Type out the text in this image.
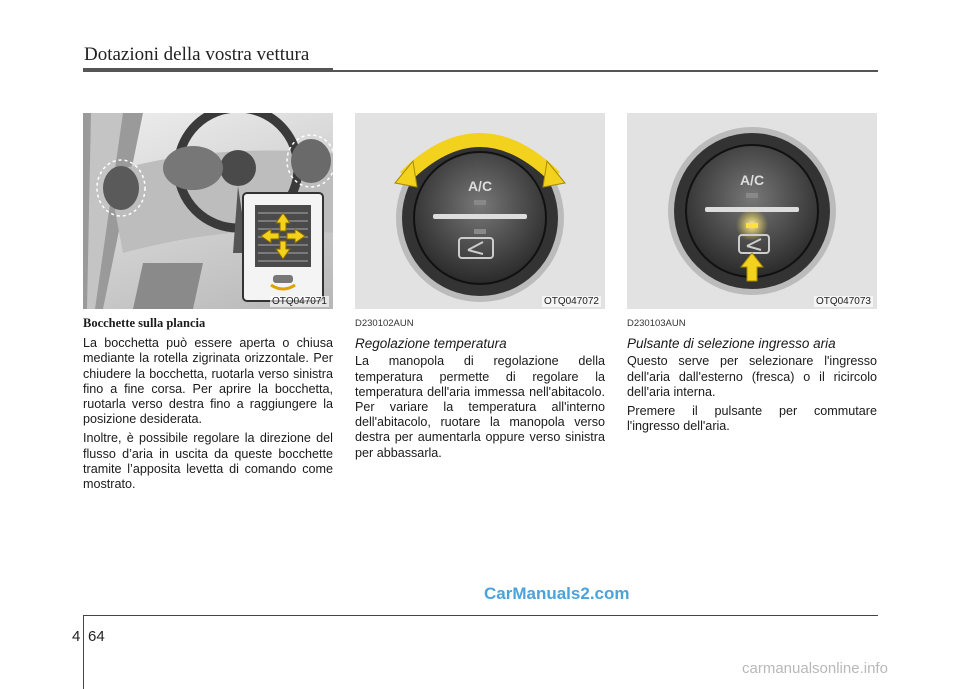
Dotazioni della vostra vettura
OTQ047071
A/C
OTQ047072
A/C
OTQ047073
Bocchette sulla plancia

La bocchetta può essere aperta o chiusa mediante la rotella zigrinata orizzontale. Per chiudere la bocchetta, ruotarla verso sinistra fino a fine corsa. Per aprire la bocchetta, ruotarla verso destra fino a raggiungere la posizione desiderata.

Inoltre, è possibile regolare la direzione del flusso d’aria in uscita da queste bocchette tramite l’apposita levetta di comando come mostrato.

D230102AUN
Regolazione temperatura

La manopola di regolazione della temperatura permette di regolare la temperatura dell'aria immessa nell'abitacolo. Per variare la temperatura all'interno dell'abitacolo, ruotare la manopola verso destra per aumentarla oppure verso sinistra per abbassarla.

D230103AUN
Pulsante di selezione ingresso aria

Questo serve per selezionare l'ingresso dell'aria dall'esterno (fresca) o il ricircolo dell'aria interna.

Premere il pulsante per commutare l'ingresso dell'aria.

CarManuals2.com
4 64
carmanualsonline.info
